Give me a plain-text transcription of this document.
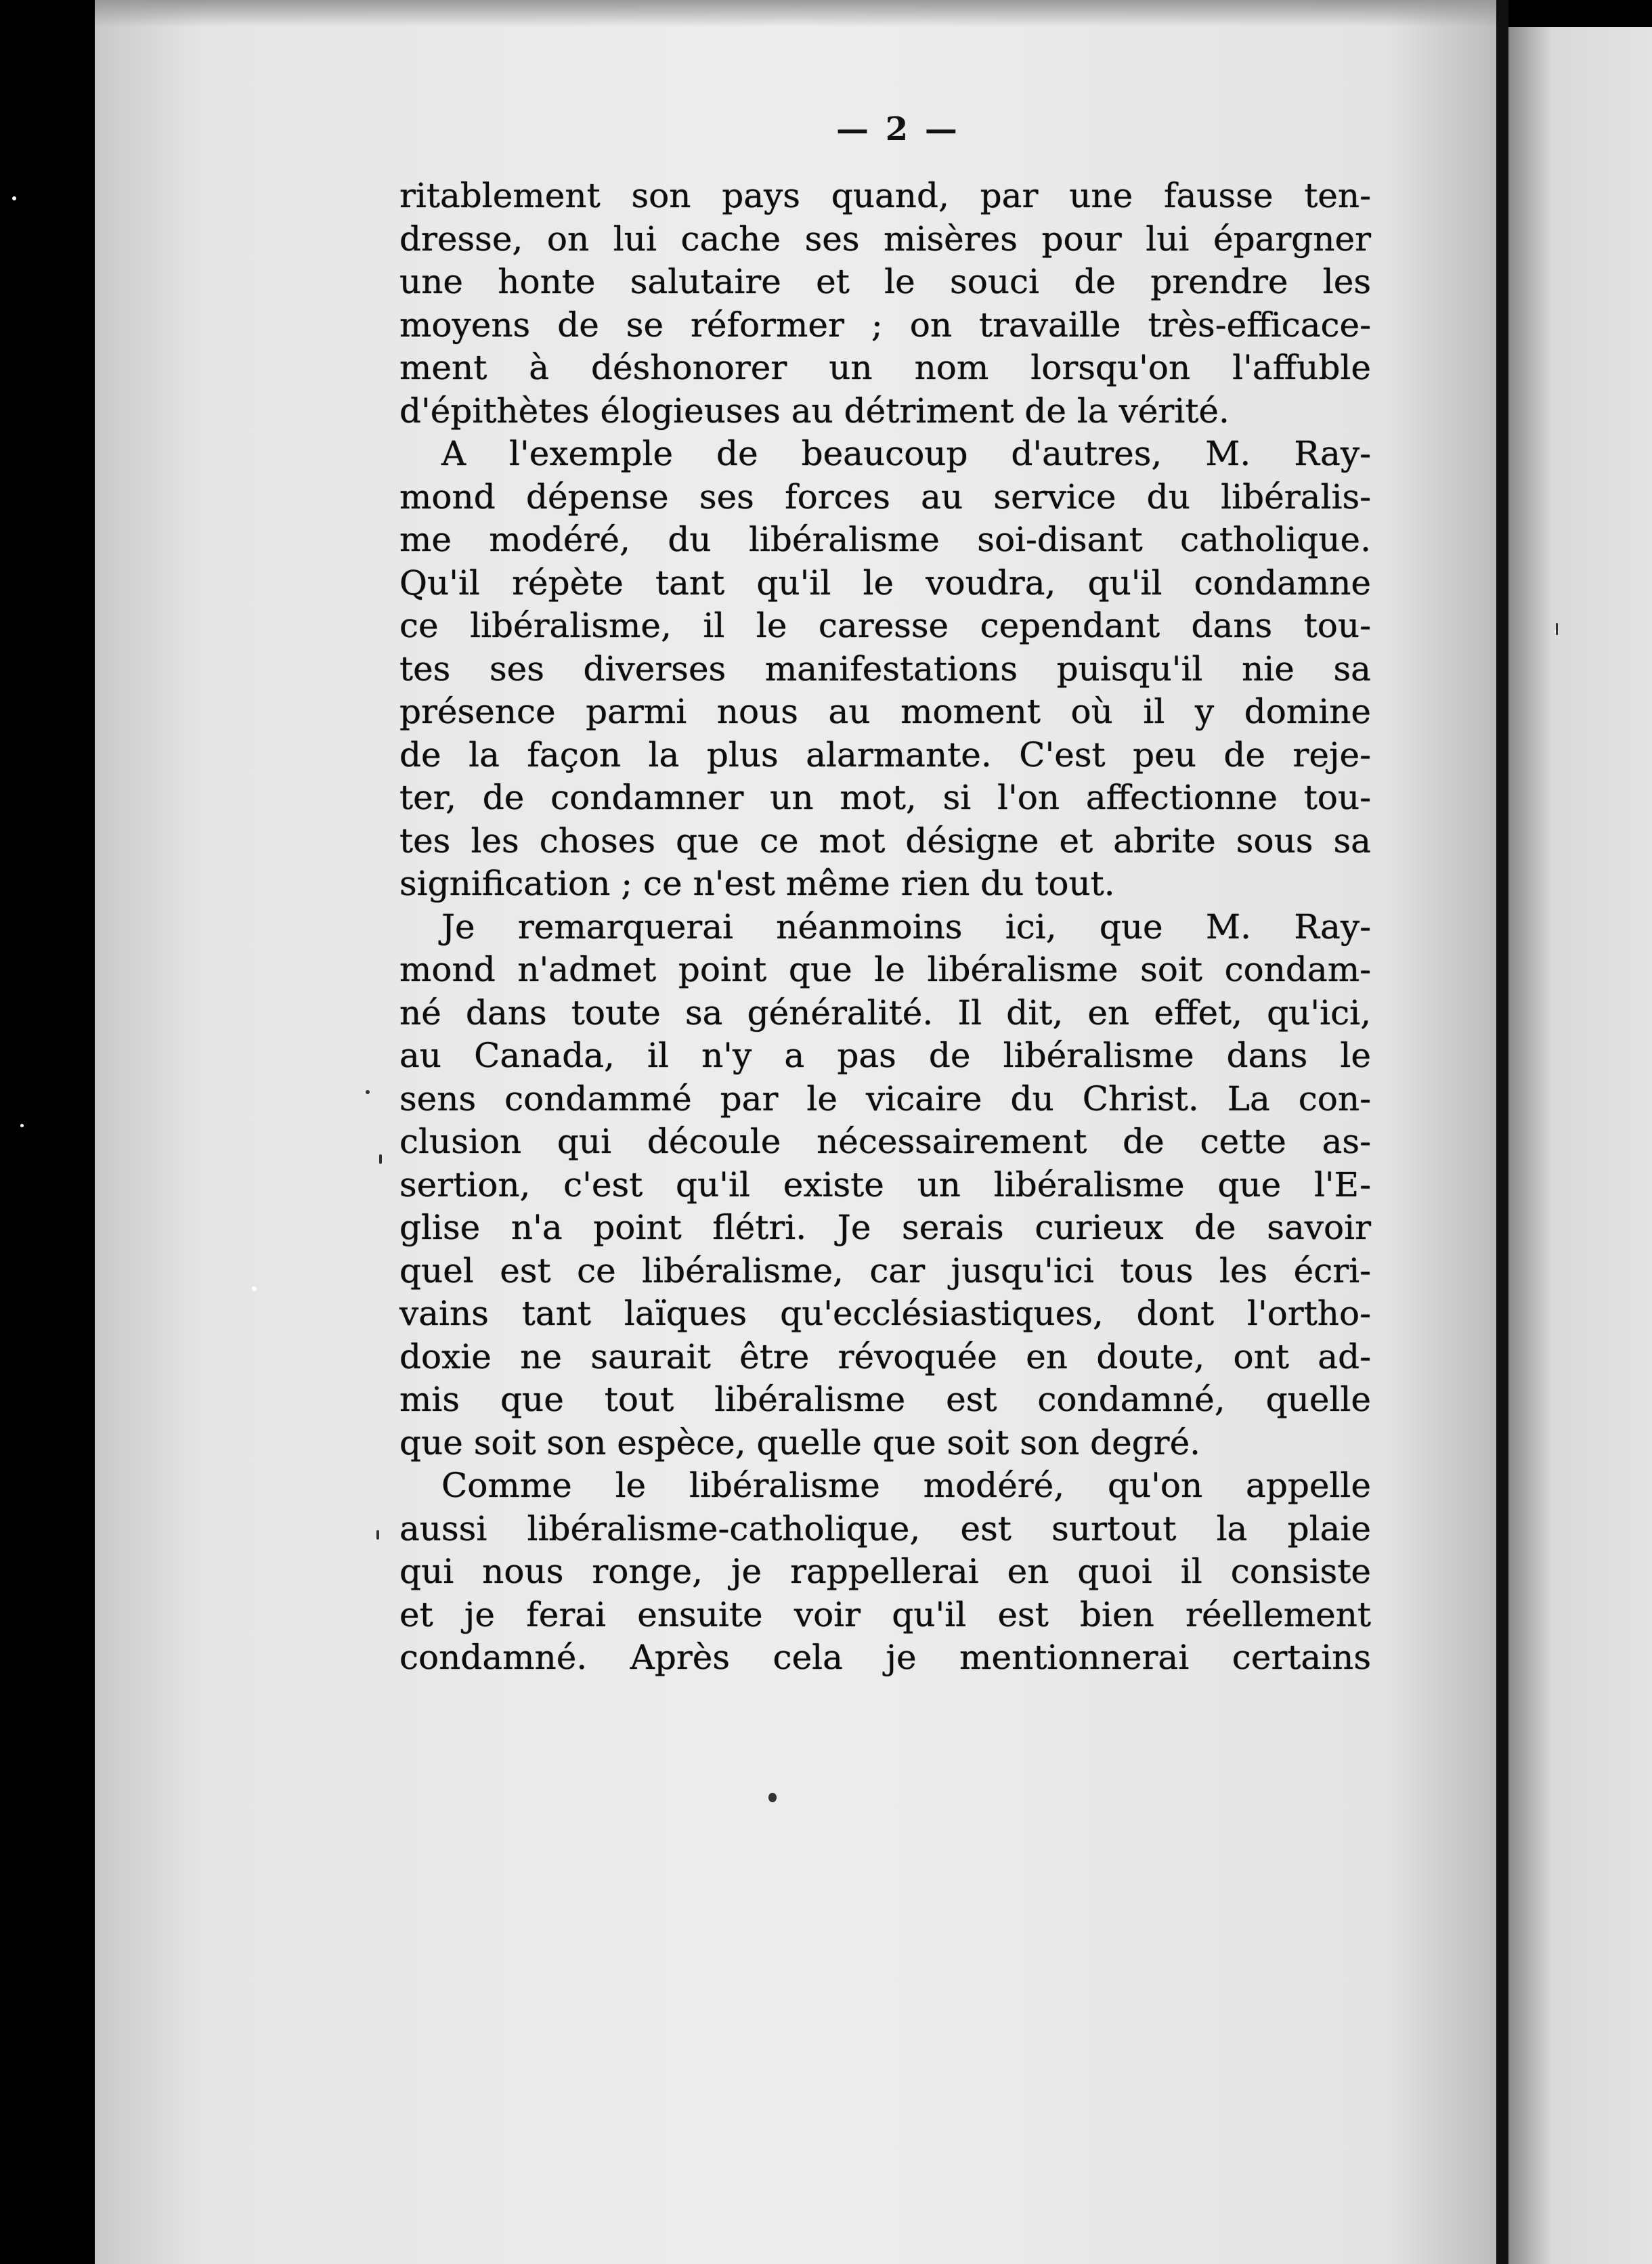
— 2 —
ritablement son pays quand, par une fausse ten-
dresse, on lui cache ses misères pour lui épargner
une honte salutaire et le souci de prendre les
moyens de se réformer ; on travaille très-efficace-
ment à déshonorer un nom lorsqu'on l'affuble
d'épithètes élogieuses au détriment de la vérité.
A l'exemple de beaucoup d'autres, M. Ray-
mond dépense ses forces au service du libéralis-
me modéré, du libéralisme soi-disant catholique.
Qu'il répète tant qu'il le voudra, qu'il condamne
ce libéralisme, il le caresse cependant dans tou-
tes ses diverses manifestations puisqu'il nie sa
présence parmi nous au moment où il y domine
de la façon la plus alarmante. C'est peu de reje-
ter, de condamner un mot, si l'on affectionne tou-
tes les choses que ce mot désigne et abrite sous sa
signification ; ce n'est même rien du tout.
Je remarquerai néanmoins ici, que M. Ray-
mond n'admet point que le libéralisme soit condam-
né dans toute sa généralité. Il dit, en effet, qu'ici,
au Canada, il n'y a pas de libéralisme dans le
sens condammé par le vicaire du Christ. La con-
clusion qui découle nécessairement de cette as-
sertion, c'est qu'il existe un libéralisme que l'E-
glise n'a point flétri. Je serais curieux de savoir
quel est ce libéralisme, car jusqu'ici tous les écri-
vains tant laïques qu'ecclésiastiques, dont l'ortho-
doxie ne saurait être révoquée en doute, ont ad-
mis que tout libéralisme est condamné, quelle
que soit son espèce, quelle que soit son degré.
Comme le libéralisme modéré, qu'on appelle
aussi libéralisme-catholique, est surtout la plaie
qui nous ronge, je rappellerai en quoi il consiste
et je ferai ensuite voir qu'il est bien réellement
condamné. Après cela je mentionnerai certains
